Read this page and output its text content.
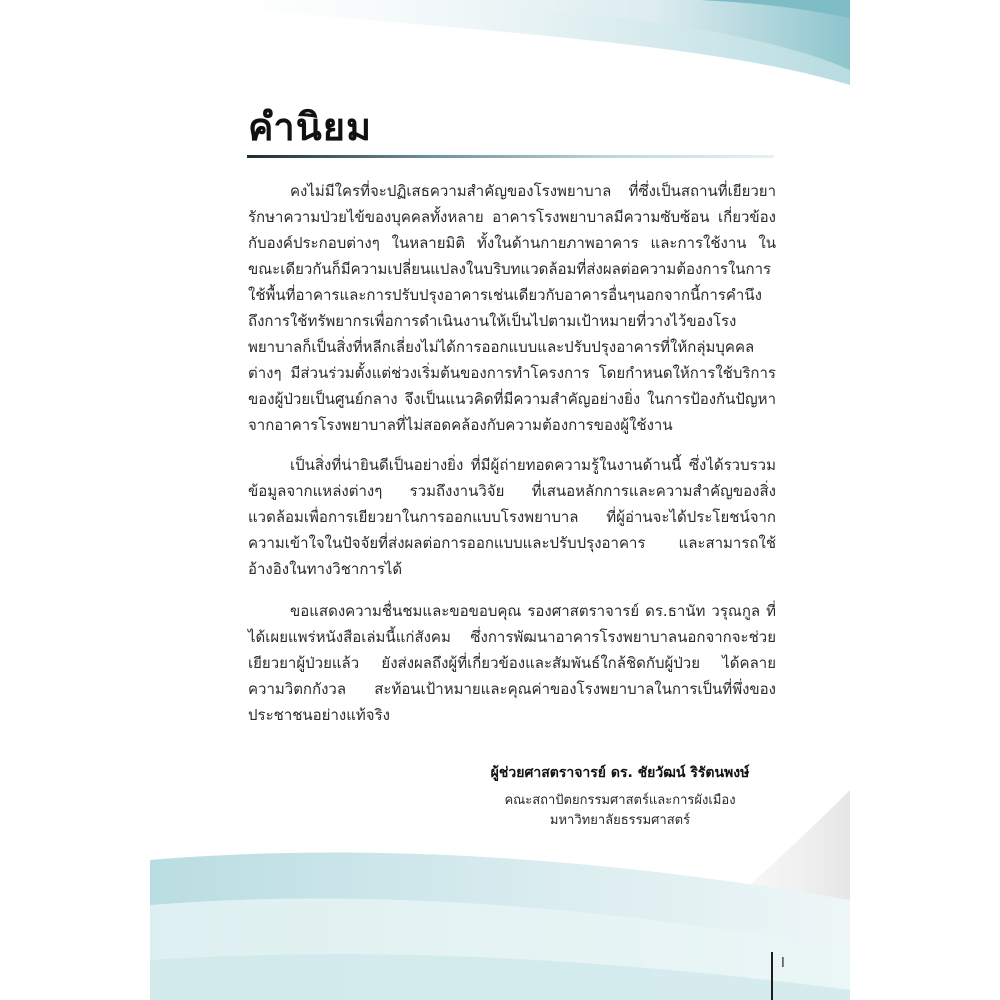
คำนิยม

คงไม่มีใครที่จะปฏิเสธความสำคัญของโรงพยาบาล ที่ซึ่งเป็นสถานที่เยียวยา รักษาความป่วยไข้ของบุคคลทั้งหลาย อาคารโรงพยาบาลมีความซับซ้อน เกี่ยวข้องกับองค์ประกอบต่างๆ ในหลายมิติ ทั้งในด้านกายภาพอาคาร และการใช้งาน ในขณะเดียวกันก็มีความเปลี่ยนแปลงในบริบทแวดล้อมที่ส่งผลต่อความต้องการในการใช้พื้นที่อาคารและการปรับปรุงอาคารเช่นเดียวกับอาคารอื่นๆนอกจากนี้การคำนึงถึงการใช้ทรัพยากรเพื่อการดำเนินงานให้เป็นไปตามเป้าหมายที่วางไว้ของโรงพยาบาลก็เป็นสิ่งที่หลีกเลี่ยงไม่ได้การออกแบบและปรับปรุงอาคารที่ให้กลุ่มบุคคลต่างๆ มีส่วนร่วมตั้งแต่ช่วงเริ่มต้นของการทำโครงการ โดยกำหนดให้การใช้บริการของผู้ป่วยเป็นศูนย์กลาง จึงเป็นแนวคิดที่มีความสำคัญอย่างยิ่ง ในการป้องกันปัญหาจากอาคารโรงพยาบาลที่ไม่สอดคล้องกับความต้องการของผู้ใช้งาน

เป็นสิ่งที่น่ายินดีเป็นอย่างยิ่ง ที่มีผู้ถ่ายทอดความรู้ในงานด้านนี้ ซึ่งได้รวบรวมข้อมูลจากแหล่งต่างๆ รวมถึงงานวิจัย ที่เสนอหลักการและความสำคัญของสิ่งแวดล้อมเพื่อการเยียวยาในการออกแบบโรงพยาบาล ที่ผู้อ่านจะได้ประโยชน์จากความเข้าใจในปัจจัยที่ส่งผลต่อการออกแบบและปรับปรุงอาคาร และสามารถใช้อ้างอิงในทางวิชาการได้

ขอแสดงความชื่นชมและขอขอบคุณ รองศาสตราจารย์ ดร.ธานัท วรุณกูล ที่ได้เผยแพร่หนังสือเล่มนี้แก่สังคม ซึ่งการพัฒนาอาคารโรงพยาบาลนอกจากจะช่วยเยียวยาผู้ป่วยแล้ว ยังส่งผลถึงผู้ที่เกี่ยวข้องและสัมพันธ์ใกล้ชิดกับผู้ป่วย ได้คลายความวิตกกังวล สะท้อนเป้าหมายและคุณค่าของโรงพยาบาลในการเป็นที่พึ่งของประชาชนอย่างแท้จริง

ผู้ช่วยศาสตราจารย์ ดร. ชัยวัฒน์ ริรัตนพงษ์
คณะสถาปัตยกรรมศาสตร์และการผังเมือง
มหาวิทยาลัยธรรมศาสตร์
I
